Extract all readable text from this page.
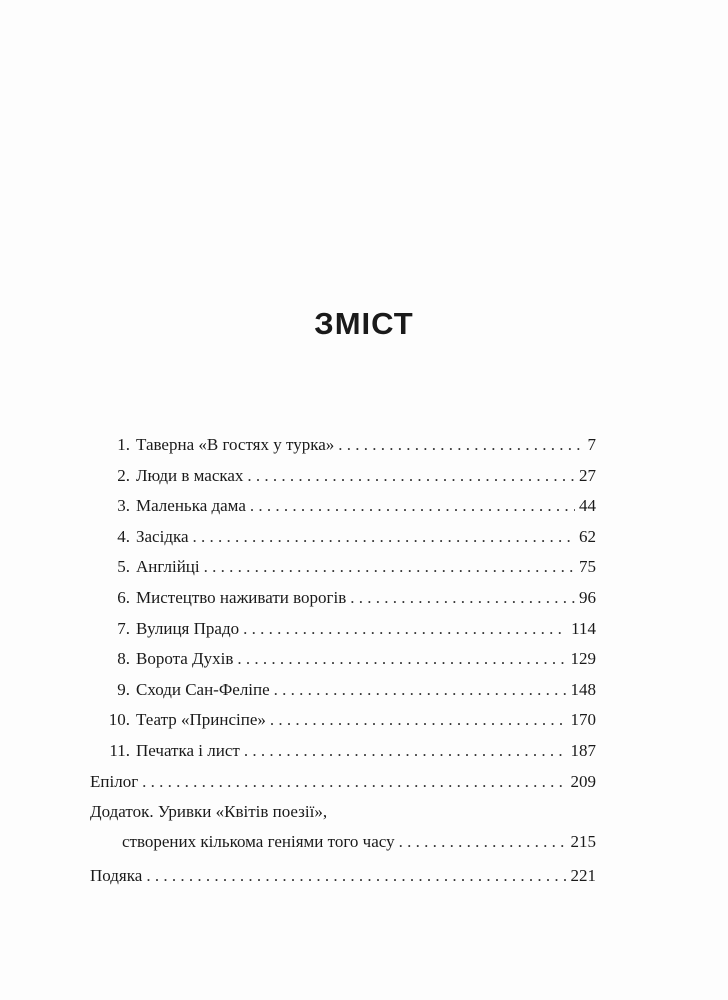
ЗМІСТ
1. Таверна «В гостях у турка» . . .	7
2. Люди в масках . . .	27
3. Маленька дама . . .	44
4. Засідка . . .	62
5. Англійці . . .	75
6. Мистецтво наживати ворогів . . .	96
7. Вулиця Прадо . . .	114
8. Ворота Духів . . .	129
9. Сходи Сан-Феліпе . . .	148
10. Театр «Принсіпе» . . .	170
11. Печатка і лист . . .	187
Епілог . . .	209
Додаток. Уривки «Квітів поезії»,
створених кількома геніями того часу . . .	215
Подяка . . .	221
